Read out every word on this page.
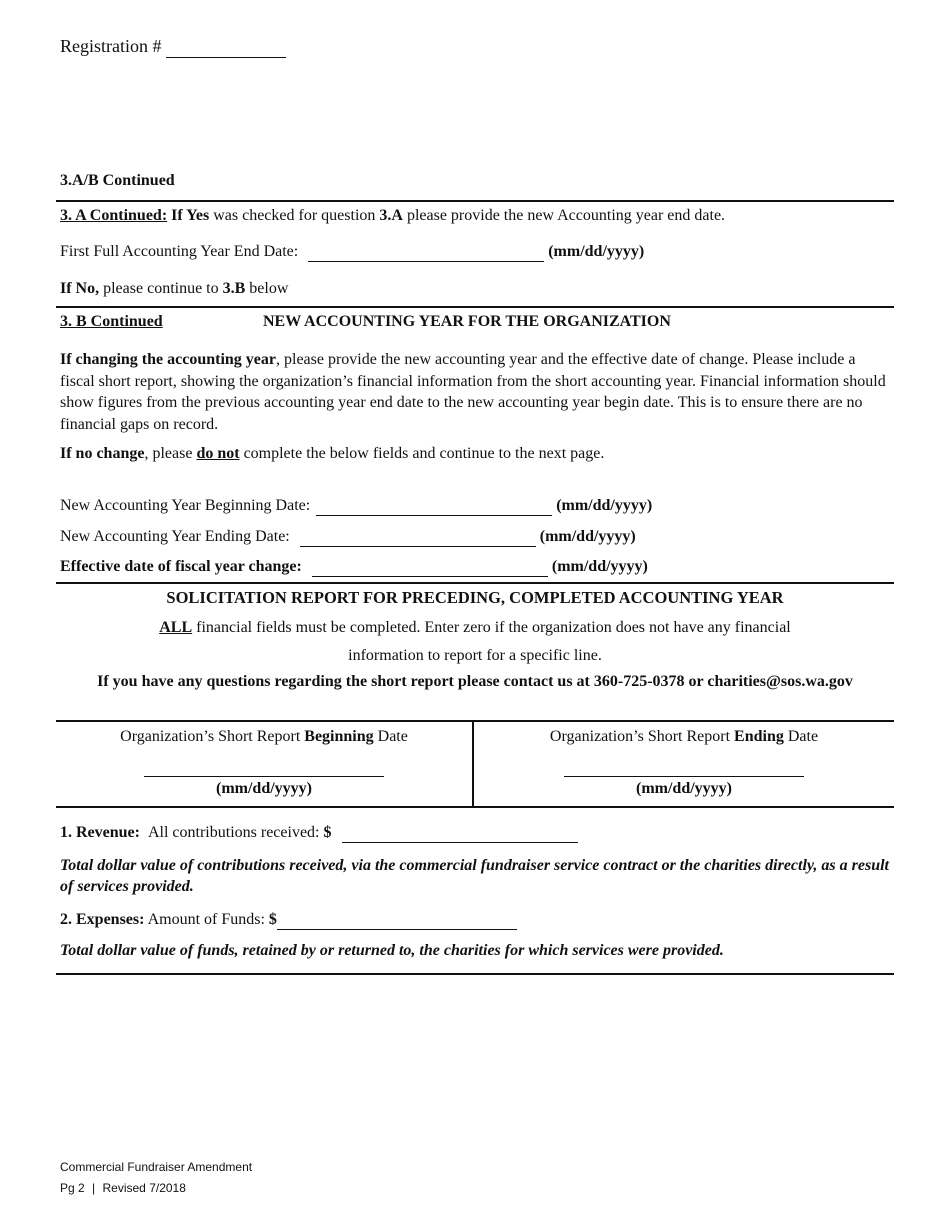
Registration #
3.A/B Continued
3. A Continued: If Yes was checked for question 3.A please provide the new Accounting year end date.
First Full Accounting Year End Date:	(mm/dd/yyyy)
If No, please continue to 3.B below
3. B Continued	NEW ACCOUNTING YEAR FOR THE ORGANIZATION
If changing the accounting year, please provide the new accounting year and the effective date of change. Please include a fiscal short report, showing the organization’s financial information from the short accounting year. Financial information should show figures from the previous accounting year end date to the new accounting year begin date. This is to ensure there are no financial gaps on record.
If no change, please do not complete the below fields and continue to the next page.
New Accounting Year Beginning Date:	(mm/dd/yyyy)
New Accounting Year Ending Date:	(mm/dd/yyyy)
Effective date of fiscal year change:	(mm/dd/yyyy)
SOLICITATION REPORT FOR PRECEDING, COMPLETED ACCOUNTING YEAR
ALL financial fields must be completed. Enter zero if the organization does not have any financial
information to report for a specific line.
If you have any questions regarding the short report please contact us at 360-725-0378 or charities@sos.wa.gov
Organization’s Short Report Beginning Date
(mm/dd/yyyy)
Organization’s Short Report Ending Date
(mm/dd/yyyy)
1. Revenue: All contributions received: $
Total dollar value of contributions received, via the commercial fundraiser service contract or the charities directly, as a result of services provided.
2. Expenses: Amount of Funds: $
Total dollar value of funds, retained by or returned to, the charities for which services were provided.
Commercial Fundraiser Amendment
Pg 2 | Revised 7/2018
